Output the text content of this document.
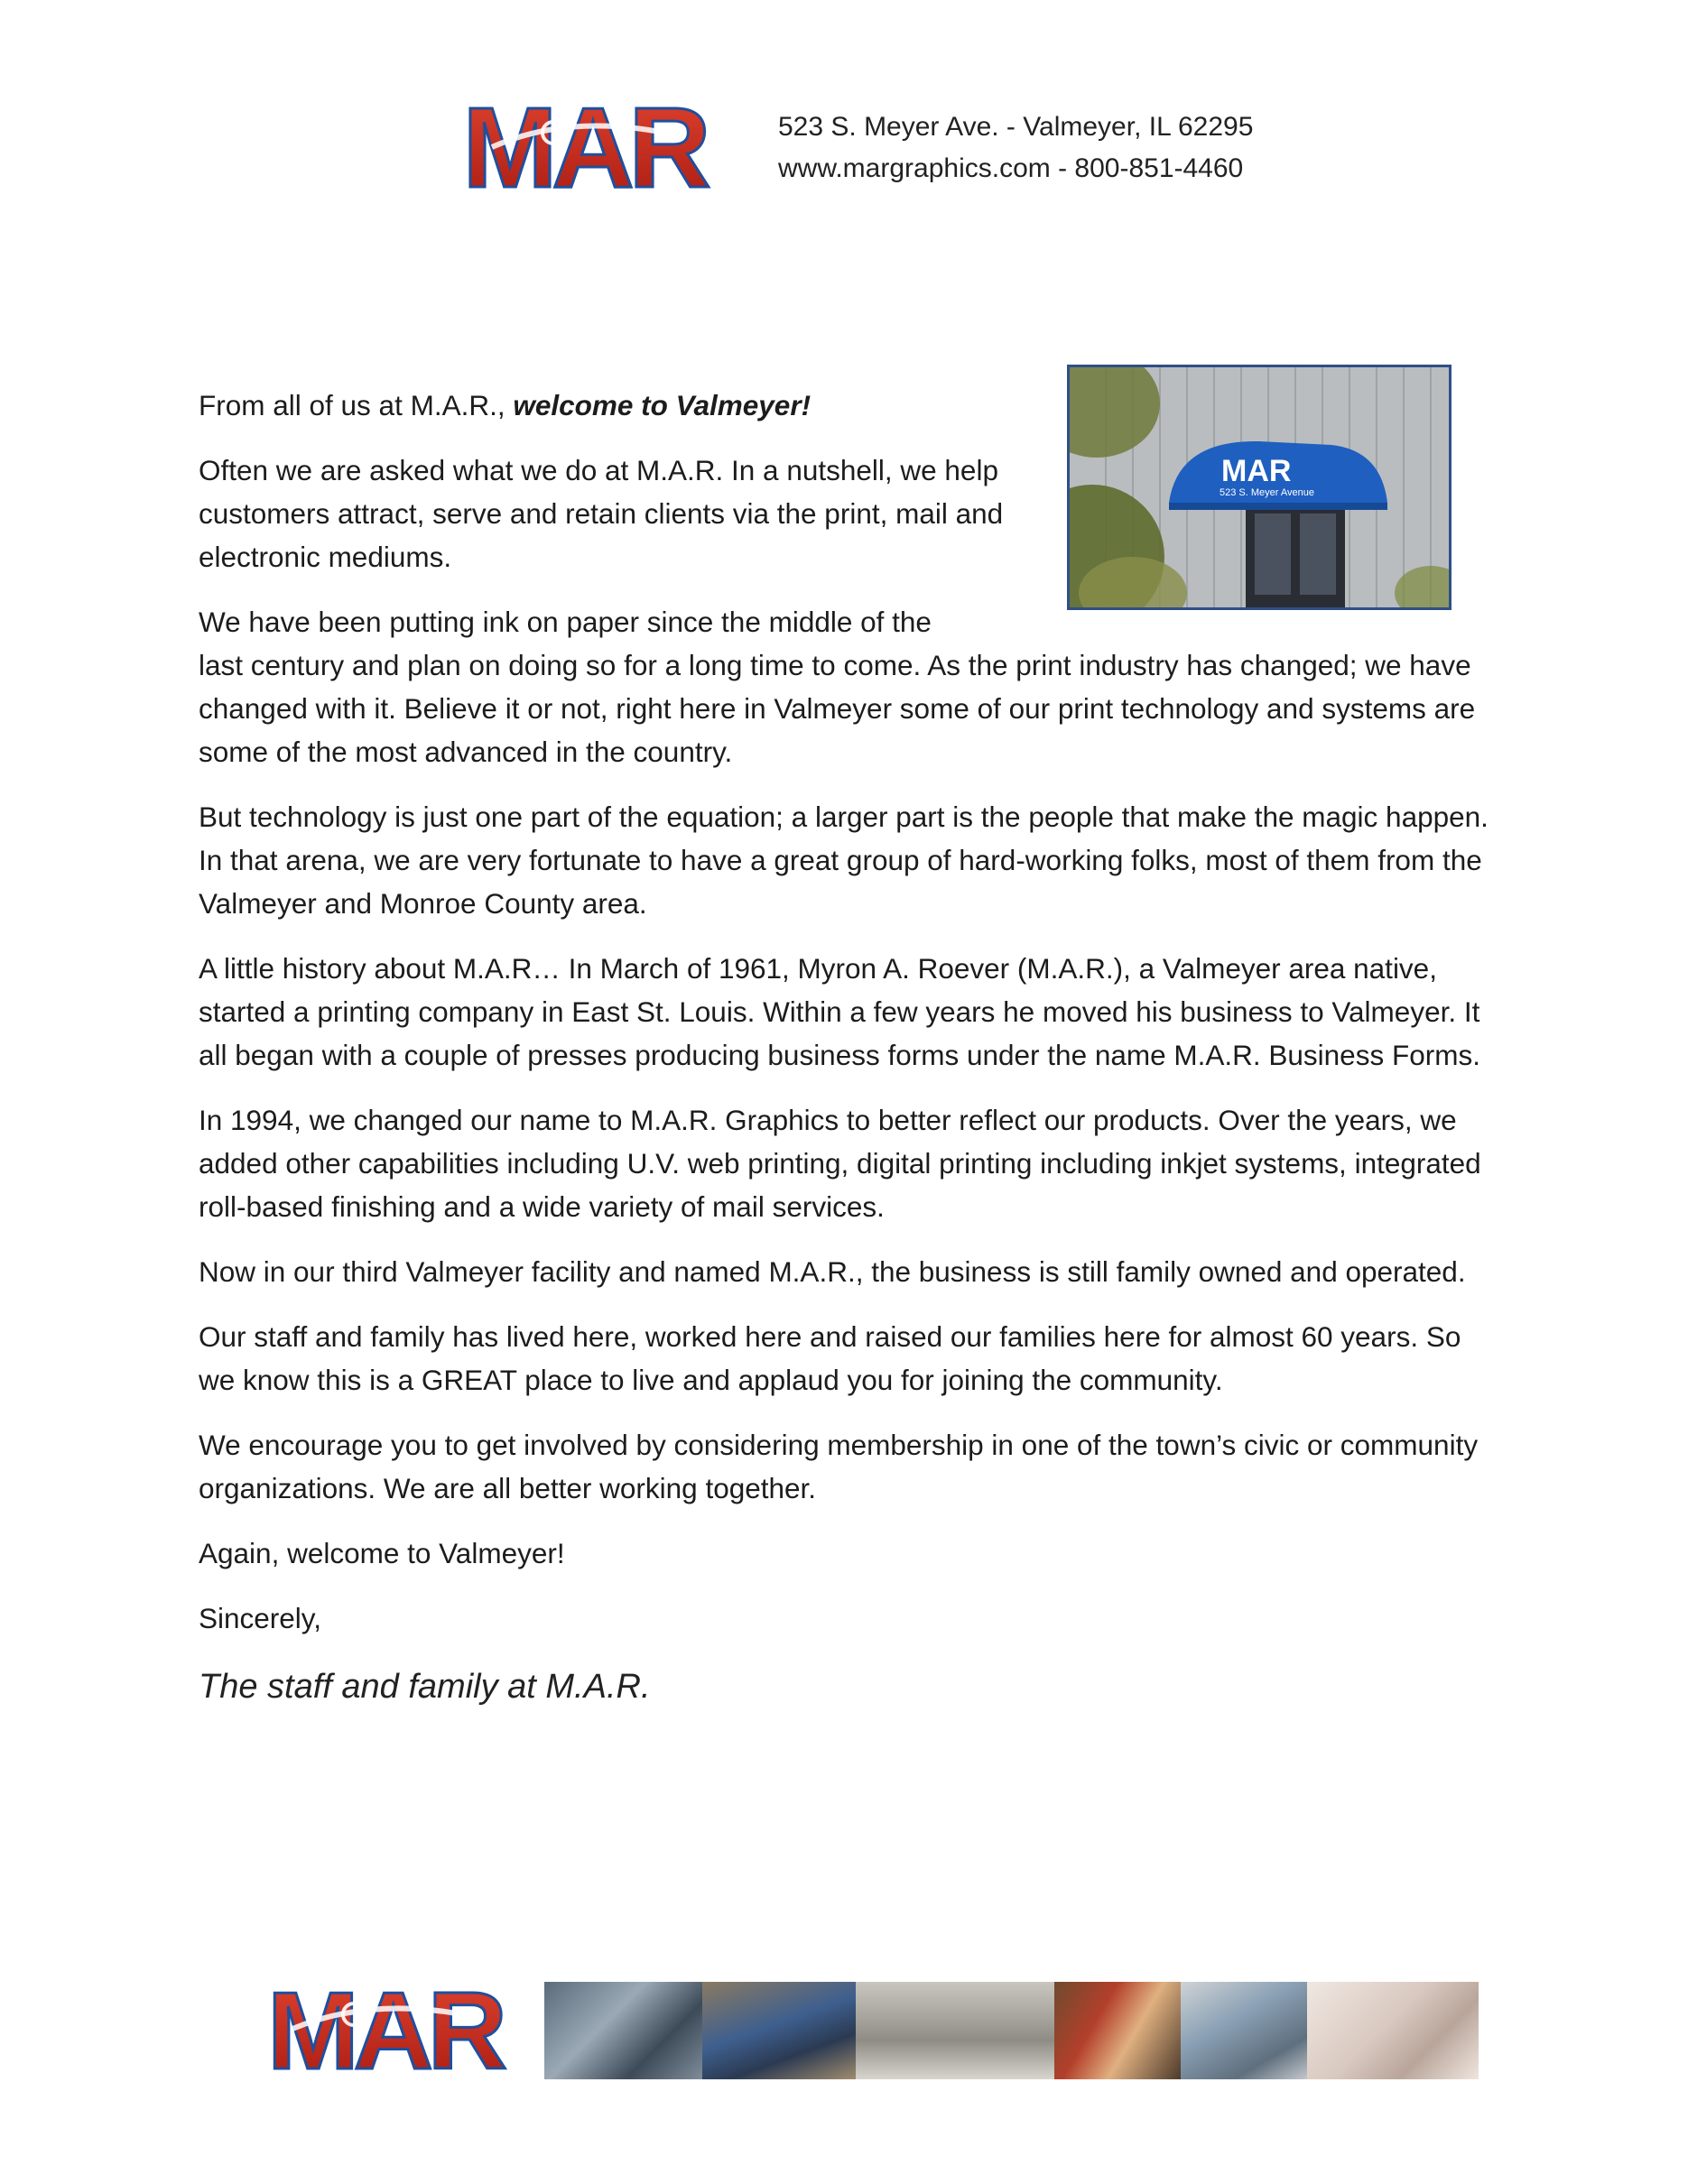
MAR	523 S. Meyer Ave. - Valmeyer, IL 62295
www.margraphics.com - 800-851-4460
MAR
523 S. Meyer Avenue

From all of us at M.A.R., welcome to Valmeyer!

Often we are asked what we do at M.A.R. In a nutshell, we help customers attract, serve and retain clients via the print, mail and electronic mediums.

We have been putting ink on paper since the middle of the
last century and plan on doing so for a long time to come. As the print industry has changed; we have changed with it. Believe it or not, right here in Valmeyer some of our print technology and systems are some of the most advanced in the country.

But technology is just one part of the equation; a larger part is the people that make the magic happen. In that arena, we are very fortunate to have a great group of hard-working folks, most of them from the Valmeyer and Monroe County area.

A little history about M.A.R… In March of 1961, Myron A. Roever (M.A.R.), a Valmeyer area native, started a printing company in East St. Louis. Within a few years he moved his business to Valmeyer. It all began with a couple of presses producing business forms under the name M.A.R. Business Forms.

In 1994, we changed our name to M.A.R. Graphics to better reflect our products. Over the years, we added other capabilities including U.V. web printing, digital printing including inkjet systems, integrated roll-based finishing and a wide variety of mail services.

Now in our third Valmeyer facility and named M.A.R., the business is still family owned and operated.

Our staff and family has lived here, worked here and raised our families here for almost 60 years. So we know this is a GREAT place to live and applaud you for joining the community.

We encourage you to get involved by considering membership in one of the town’s civic or community organizations. We are all better working together.

Again, welcome to Valmeyer!

Sincerely,

The staff and family at M.A.R.
MAR
